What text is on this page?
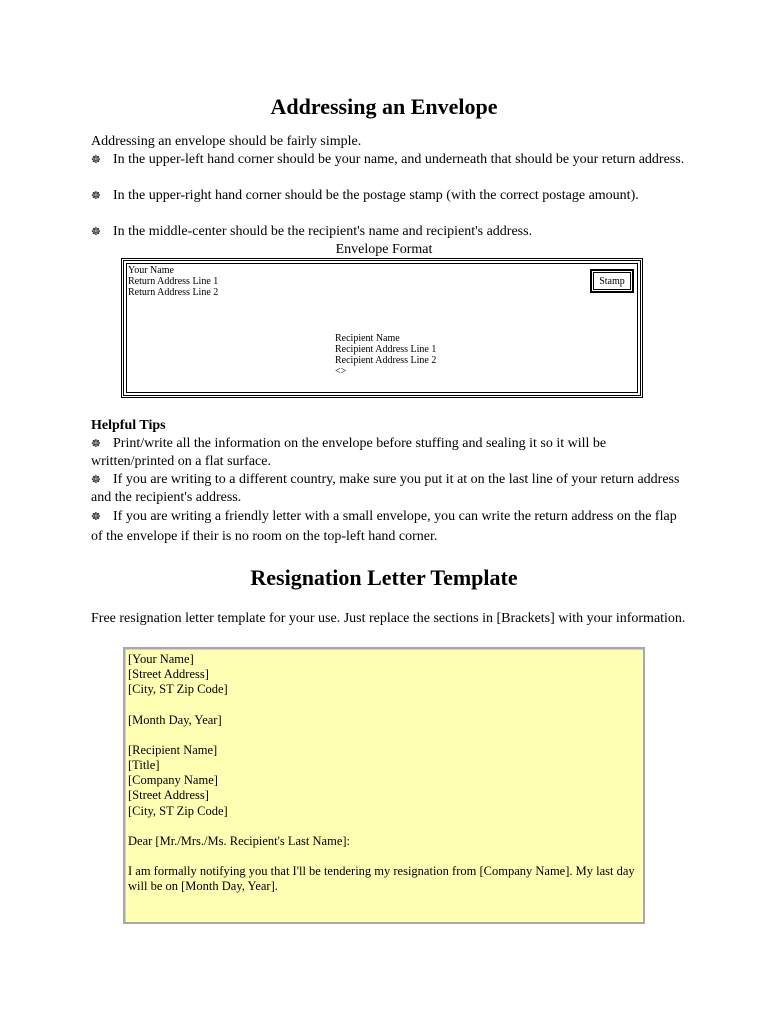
Addressing an Envelope

Addressing an envelope should be fairly simple.

☸ In the upper-left hand corner should be your name, and underneath that should be your return address.

☸ In the upper-right hand corner should be the postage stamp (with the correct postage amount).

☸ In the middle-center should be the recipient's name and recipient's address.

Envelope Format
Your Name
Return Address Line 1
Return Address Line 2
Stamp
Recipient Name
Recipient Address Line 1
Recipient Address Line 2
<>

Helpful Tips

☸ Print/write all the information on the envelope before stuffing and sealing it so it will be written/printed on a flat surface.

☸ If you are writing to a different country, make sure you put it at on the last line of your return address and the recipient's address.

☸ If you are writing a friendly letter with a small envelope, you can write the return address on the flap of the envelope if their is no room on the top-left hand corner.

Resignation Letter Template

Free resignation letter template for your use. Just replace the sections in [Brackets] with your information.

[Your Name]
[Street Address]
[City, ST Zip Code]
[Month Day, Year]
[Recipient Name]
[Title]
[Company Name]
[Street Address]
[City, ST Zip Code]
Dear [Mr./Mrs./Ms. Recipient's Last Name]:
I am formally notifying you that I'll be tendering my resignation from [Company Name]. My last day will be on [Month Day, Year].
